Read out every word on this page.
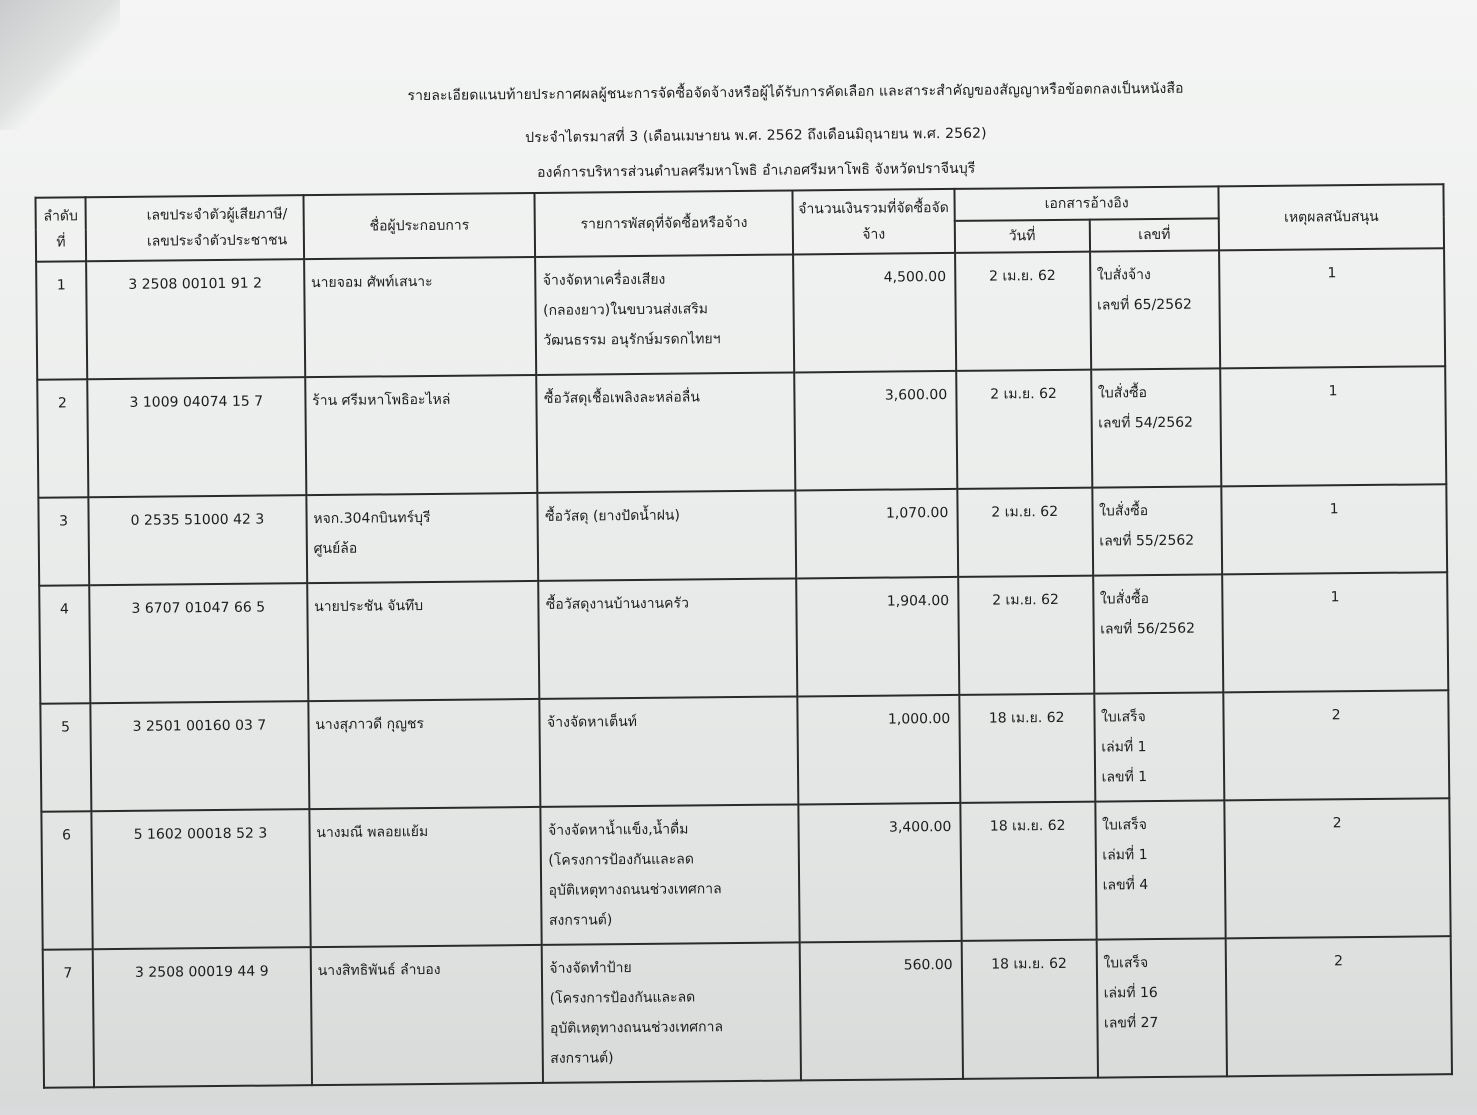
รายละเอียดแนบท้ายประกาศผลผู้ชนะการจัดซื้อจัดจ้างหรือผู้ได้รับการคัดเลือก และสาระสำคัญของสัญญาหรือข้อตกลงเป็นหนังสือ
ประจำไตรมาสที่ 3 (เดือนเมษายน พ.ศ. 2562 ถึงเดือนมิถุนายน พ.ศ. 2562)
องค์การบริหารส่วนตำบลศรีมหาโพธิ อำเภอศรีมหาโพธิ จังหวัดปราจีนบุรี
ลำดับที่	เลขประจำตัวผู้เสียภาษี/เลขประจำตัวประชาชน	ชื่อผู้ประกอบการ	รายการพัสดุที่จัดซื้อหรือจ้าง	จำนวนเงินรวมที่จัดซื้อจัดจ้าง	เอกสารอ้างอิง		เหตุผลสนับสนุน
					วันที่	เลขที่	
1	3 2508 00101 91 2	นายจอม ศัพท์เสนาะ	จ้างจัดหาเครื่องเสียง
(กลองยาว)ในขบวนส่งเสริม
วัฒนธรรม อนุรักษ์มรดกไทยฯ	4,500.00	2 เม.ย. 62	ใบสั่งจ้าง
เลขที่ 65/2562	1
2	3 1009 04074 15 7	ร้าน ศรีมหาโพธิอะไหล่	ซื้อวัสดุเชื้อเพลิงละหล่อลื่น	3,600.00	2 เม.ย. 62	ใบสั่งซื้อ
เลขที่ 54/2562	1
3	0 2535 51000 42 3	หจก.304กบินทร์บุรี
ศูนย์ล้อ	ซื้อวัสดุ (ยางปัดน้ำฝน)	1,070.00	2 เม.ย. 62	ใบสั่งซื้อ
เลขที่ 55/2562	1
4	3 6707 01047 66 5	นายประชัน จันทึบ	ซื้อวัสดุงานบ้านงานครัว	1,904.00	2 เม.ย. 62	ใบสั่งซื้อ
เลขที่ 56/2562	1
5	3 2501 00160 03 7	นางสุภาวดี กุญชร	จ้างจัดหาเต็นท์	1,000.00	18 เม.ย. 62	ใบเสร็จ
เล่มที่ 1
เลขที่ 1	2
6	5 1602 00018 52 3	นางมณี พลอยแย้ม	จ้างจัดหาน้ำแข็ง,น้ำดื่ม
(โครงการป้องกันและลด
อุบัติเหตุทางถนนช่วงเทศกาล
สงกรานต์)	3,400.00	18 เม.ย. 62	ใบเสร็จ
เล่มที่ 1
เลขที่ 4	2
7	3 2508 00019 44 9	นางสิทธิพันธ์ ลำบอง	จ้างจัดทำป้าย
(โครงการป้องกันและลด
อุบัติเหตุทางถนนช่วงเทศกาล
สงกรานต์)	560.00	18 เม.ย. 62	ใบเสร็จ
เล่มที่ 16
เลขที่ 27	2
